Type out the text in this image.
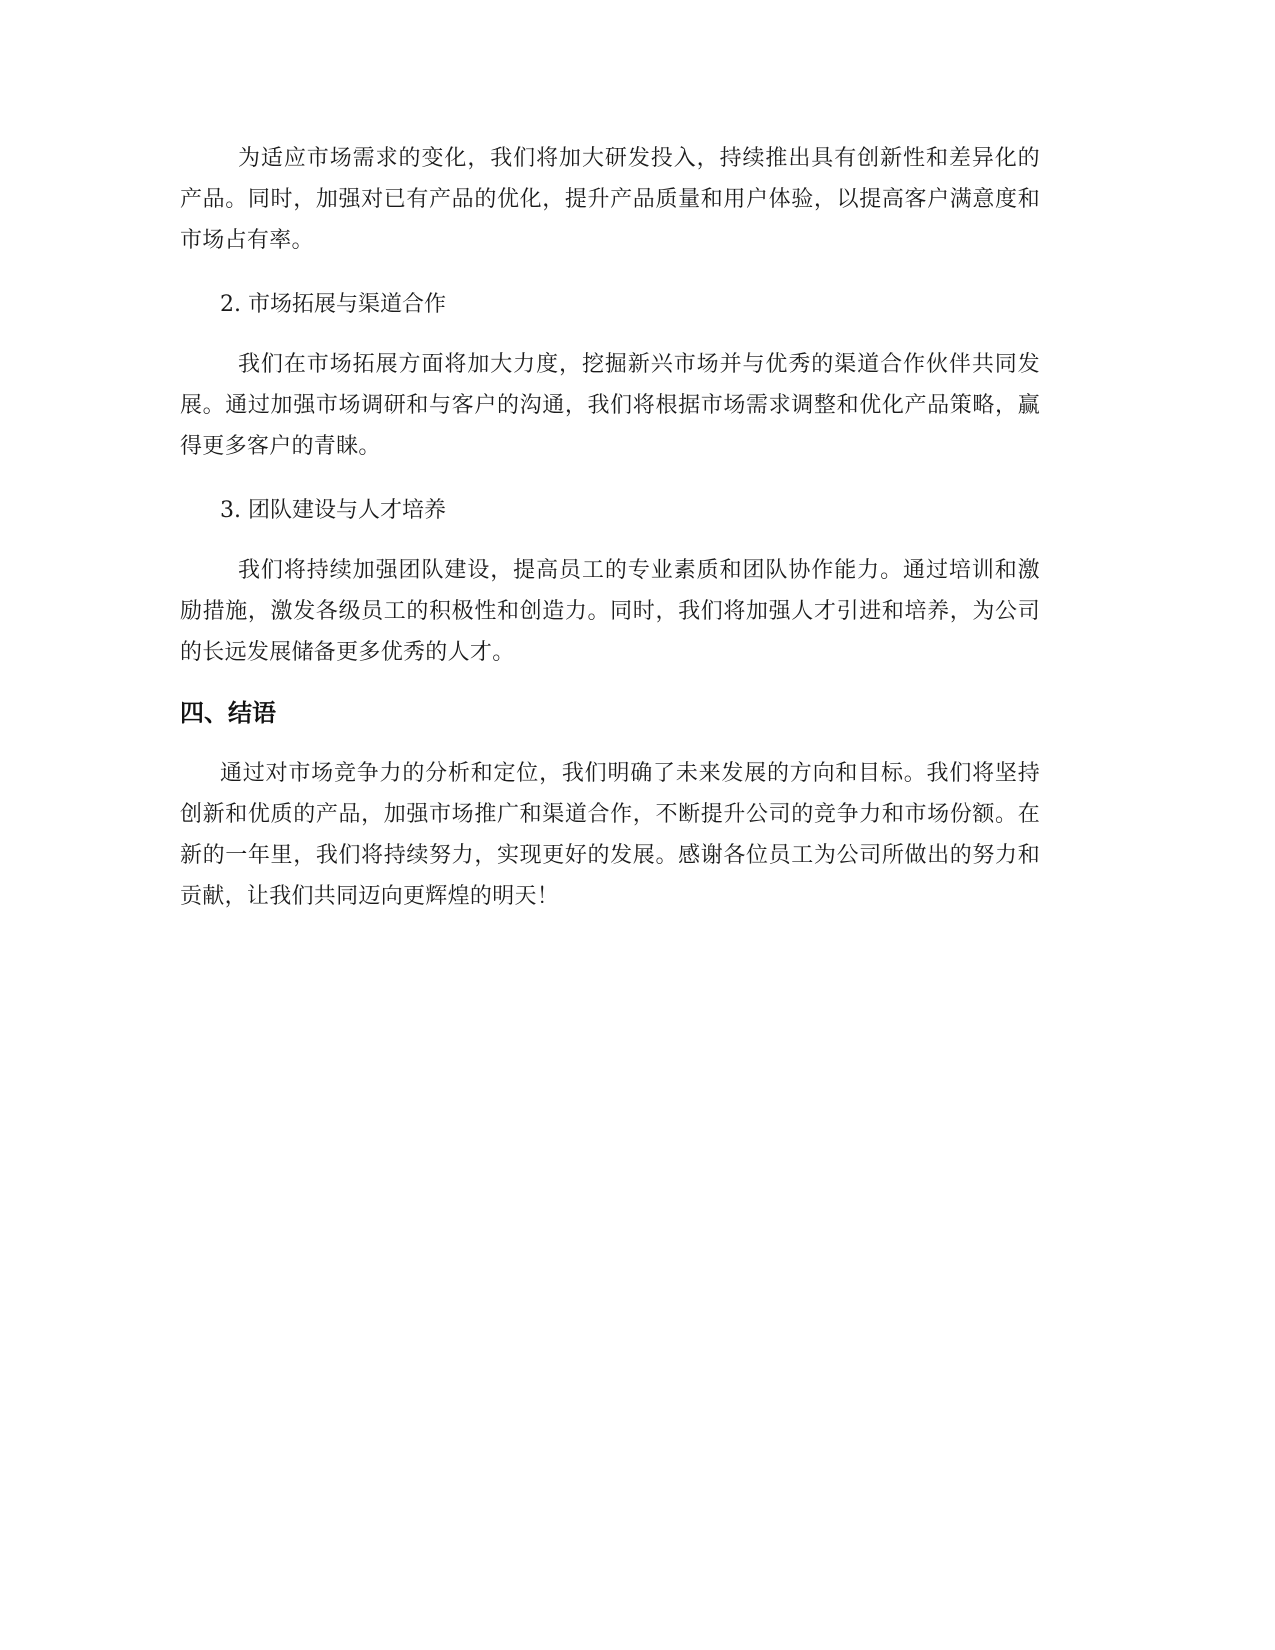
为适应市场需求的变化，我们将加大研发投入，持续推出具有创新性和差异化的产品。同时，加强对已有产品的优化，提升产品质量和用户体验，以提高客户满意度和市场占有率。

2. 市场拓展与渠道合作

我们在市场拓展方面将加大力度，挖掘新兴市场并与优秀的渠道合作伙伴共同发展。通过加强市场调研和与客户的沟通，我们将根据市场需求调整和优化产品策略，赢得更多客户的青睐。

3. 团队建设与人才培养

我们将持续加强团队建设，提高员工的专业素质和团队协作能力。通过培训和激励措施，激发各级员工的积极性和创造力。同时，我们将加强人才引进和培养，为公司的长远发展储备更多优秀的人才。

四、结语

通过对市场竞争力的分析和定位，我们明确了未来发展的方向和目标。我们将坚持创新和优质的产品，加强市场推广和渠道合作，不断提升公司的竞争力和市场份额。在新的一年里，我们将持续努力，实现更好的发展。感谢各位员工为公司所做出的努力和贡献，让我们共同迈向更辉煌的明天！
